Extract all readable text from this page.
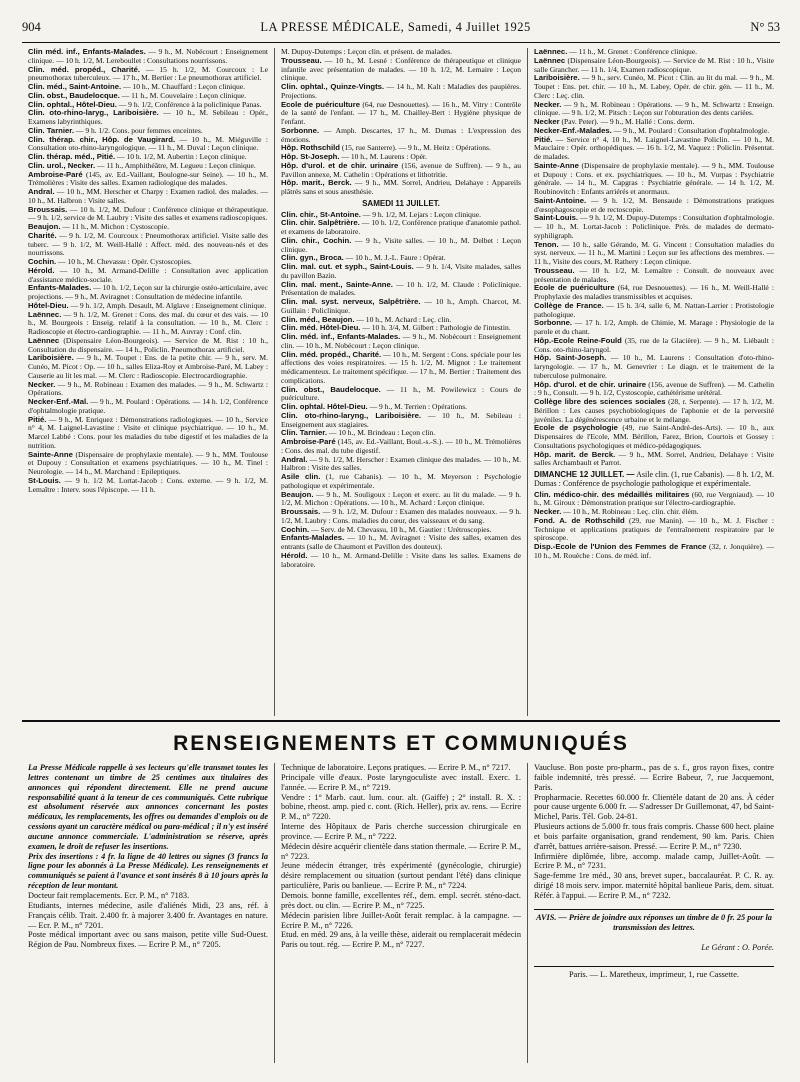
904	LA PRESSE MÉDICALE, Samedi, 4 Juillet 1925	N° 53

Clin méd. inf., Enfants-Malades. — 9 h., M. Nobécourt : Enseignement clinique. — 10 h. 1/2, M. Lereboullet : Consultations nourrissons.

Clin. méd. propéd., Charité. — 15 h. 1/2, M. Courcoux : Le pneumothorax tuberculeux. — 17 h., M. Bertier : Le pneumothorax artificiel.

Clin. méd., Saint-Antoine. — 10 h., M. Chauffard : Leçon clinique.

Clin. obst., Baudelocque. — 11 h., M. Couvelaire : Leçon clinique.

Clin. ophtal., Hôtel-Dieu. — 9 h. 1/2, Conférence à la policlinique Panas.

Clin. oto-rhino-laryg., Lariboisière. — 10 h., M. Sebileau : Opér., Examens labyrinthiques.

Clin. Tarnier. — 9 h. 1/2. Cons. pour femmes enceintes.

Clin. thérap. chir., Hôp. de Vaugirard. — 10 h., M. Miéguville : Consultation oto-rhino-laryngologique. — 11 h., M. Duval : Leçon clinique.

Clin. thérap. méd., Pitié. — 10 h. 1/2, M. Aubertin : Leçon clinique.

Clin. urol., Necker. — 11 h., Amphithéâtre, M. Legueu : Leçon clinique.

Ambroise-Paré (145, av. Ed.-Vaillant, Boulogne-sur Seine). — 10 h., M. Trémolières : Visite des salles. Examen radiologique des malades.

Andral. — 10 h., MM. Herscher et Charpy : Examen radiol. des malades. — 10 h., M. Halbron : Visite salles.

Broussais. — 10 h. 1/2, M. Dufour : Conférence clinique et thérapeutique. — 9 h. 1/2, service de M. Laubry : Visite des salles et examens radioscopiques.

Beaujon. — 11 h., M. Michon : Cystoscopie.

Charité. — 9 h. 1/2, M. Courcoux : Pneumothorax artificiel. Visite salle des tuberc. — 9 h. 1/2, M. Weill-Hallé : Affect. méd. des nouveau-nés et des nourrissons.

Cochin. — 10 h., M. Chevassu : Opér. Cystoscopies.

Hérold. — 10 h., M. Armand-Delille : Consultation avec application d'assistance médico-sociale.

Enfants-Malades. — 10 h. 1/2, Leçon sur la chirurgie ostéo-articulaire, avec projections. — 9 h., M. Aviragnet : Consultation de médecine infantile.

Hôtel-Dieu. — 9 h. 1/2, Amph. Desault, M. Alglave : Enseignement clinique.

Laënnec. — 9 h. 1/2, M. Grenet : Cons. des mal. du cœur et des vais. — 10 h., M. Bourgeois : Enseig. relatif à la consultation. — 10 h., M. Clerc : Radioscopie et électro-cardiographie. — 11 h., M. Auvray : Conf. clin.

Laënnec (Dispensaire Léon-Bourgeois). — Service de M. Rist : 10 h., Consultation du dispensaire. — 14 h., Policlin. Pneumothorax artificiel.

Lariboisière. — 9 h., M. Toupet : Ens. de la petite chir. — 9 h., serv. M. Cunéo, M. Picot : Op. — 10 h., salles Eliza-Roy et Ambroise-Paré, M. Labey : Causerie au lit les mal. — M. Clerc : Radioscopie. Electrocardiographie.

Necker. — 9 h., M. Robineau : Examen des malades. — 9 h., M. Schwartz : Opérations.

Necker-Enf.-Mal. — 9 h., M. Poulard : Opérations. — 14 h. 1/2, Conférence d'ophtalmologie pratique.

Pitié. — 9 h., M. Enriquez : Démonstrations radiologiques. — 10 h., Service n° 4, M. Laignel-Lavastine : Visite et clinique psychiatrique. — 10 h., M. Marcel Labbé : Cons. pour les maladies du tube digestif et les maladies de la nutrition.

Sainte-Anne (Dispensaire de prophylaxie mentale). — 9 h., MM. Toulouse et Dupouy : Consultation et examens psychiatriques. — 10 h., M. Tinel : Neurologie. — 14 h., M. Marchand : Epileptiques.

St-Louis. — 9 h. 1/2 M. Lortat-Jacob : Cons. externe. — 9 h. 1/2, M. Lemaître : Interv. sous l'épiscope. — 11 h.

M. Dupuy-Dutemps : Leçon clin. et présent. de malades.

Trousseau. — 10 h., M. Lesné : Conférence de thérapeutique et clinique infantile avec présentation de malades. — 10 h. 1/2, M. Lemaire : Leçon clinique.

Clin. ophtal., Quinze-Vingts. — 14 h., M. Kalt : Maladies des paupières. Projections.

Ecole de puériculture (64, rue Desnouettes). — 16 h., M. Vitry : Contrôle de la santé de l'enfant. — 17 h., M. Chailley-Bert : Hygiène physique de l'enfant.

Sorbonne. — Amph. Descartes, 17 h., M. Dumas : L'expression des émotions.

Hôp. Rothschild (15, rue Santerre). — 9 h., M. Heitz : Opérations.

Hôp. St-Joseph. — 10 h., M. Laurens : Opér.

Hôp. d'urol. et de chir. urinaire (156, avenue de Suffren). — 9 h., au Pavillon annexe, M. Cathelin : Opérations et lithotritie.

Hôp. marit., Berck. — 9 h., MM. Sorrel, Andrieu, Delahaye : Appareils plâtrés sans et sous anesthésie.

SAMEDI 11 JUILLET.

Clin. chir., St-Antoine. — 9 h. 1/2, M. Lejars : Leçon clinique.

Clin. chir. Salpêtrière. — 10 h. 1/2, Conférence pratique d'anatomie pathol. et examens de laboratoire.

Clin. chir., Cochin. — 9 h., Visite salles. — 10 h., M. Delbet : Leçon clinique.

Clin. gyn., Broca. — 10 h., M. J.-L. Faure : Opérat.

Clin. mal. cut. et syph., Saint-Louis. — 9 h. 1/4, Visite malades, salles du pavillon Bazin.

Clin. mal. ment., Sainte-Anne. — 10 h. 1/2, M. Claude : Policlinique. Présentation de malades.

Clin. mal. syst. nerveux, Salpêtrière. — 10 h., Amph. Charcot, M. Guillain : Policlinique.

Clin. méd., Beaujon. — 10 h., M. Achard : Leç. clin.

Clin. méd. Hôtel-Dieu. — 10 h. 3/4, M. Gilbert : Pathologie de l'intestin.

Clin. méd. inf., Enfants-Malades. — 9 h., M. Nobécourt : Enseignement clin. — 10 h., M. Nobécourt : Leçon clinique.

Clin. méd. propéd., Charité. — 10 h., M. Sergent : Cons. spéciale pour les affections des voies respiratoires. — 15 h. 1/2, M. Mignot : Le traitement médicamenteux. Le traitement spécifique. — 17 h., M. Bertier : Traitement des complications.

Clin. obst., Baudelocque. — 11 h., M. Powilewicz : Cours de puériculture.

Clin. ophtal. Hôtel-Dieu. — 9 h., M. Terrien : Opérations.

Clin. oto-rhino-laryng., Lariboisière. — 10 h., M. Sebileau : Enseignement aux stagiaires.

Clin. Tarnier. — 10 h., M. Brindeau : Leçon clin.

Ambroise-Paré (145, av. Ed.-Vaillant, Boul.-s.-S.). — 10 h., M. Trémolières : Cons. des mal. du tube digestif.

Andral. — 9 h. 1/2, M. Herscher : Examen clinique des malades. — 10 h., M. Halbron : Visite des salles.

Asile clin. (1, rue Cabanis). — 10 h., M. Meyerson : Psychologie pathologique et expérimentale.

Beaujon. — 9 h., M. Souligoux : Leçon et exerc. au lit du malade. — 9 h. 1/2, M. Michon : Opérations. — 10 h., M. Achard : Leçon clinique.

Broussais. — 9 h. 1/2, M. Dufour : Examen des malades nouveaux. — 9 h. 1/2, M. Laubry : Cons. maladies du cœur, des vaisseaux et du sang.

Cochin. — Serv. de M. Chevassu, 10 h., M. Gautier : Urétroscopies.

Enfants-Malades. — 10 h., M. Aviragnet : Visite des salles, examen des entrants (salle de Chaumont et Pavillon des douteux).

Hérold. — 10 h., M. Armand-Delille : Visite dans les salles. Examens de laboratoire.

Laënnec. — 11 h., M. Grenet : Conférence clinique.

Laënnec (Dispensaire Léon-Bourgeois). — Service de M. Rist : 10 h., Visite salle Grancher. — 11 h. 1/4, Examen radioscopique.

Lariboisière. — 9 h., serv. Cunéo, M. Picot : Clin. au lit du mal. — 9 h., M. Toupet : Ens. pet. chir. — 10 h., M. Labey, Opér. de chir. gén. — 11 h., M. Clerc : Leç. clin.

Necker. — 9 h., M. Robineau : Opérations. — 9 h., M. Schwartz : Enseign. clinique. — 9 h. 1/2, M. Pitsch : Leçon sur l'obturation des dents cariées.

Necker (Pav. Peter). — 9 h., M. Hallé : Cons. derm.

Necker-Enf.-Malades. — 9 h., M. Poulard : Consultation d'ophtalmologie.

Pitié. — Service n° 4, 10 h., M. Laignel-Lavastine Policlin. — 10 h., M. Mauclaire : Opér. orthopédiques. — 16 h. 1/2, M. Vaquez : Policlin. Présentat. de malades.

Sainte-Anne (Dispensaire de prophylaxie mentale). — 9 h., MM. Toulouse et Dupouy : Cons. et ex. psychiatriques. — 10 h., M. Vurpas : Psychiatrie générale. — 14 h., M. Capgras : Psychiatrie générale. — 14 h. 1/2, M. Roubinovitch : Enfants arriérés et anormaux.

Saint-Antoine. — 9 h. 1/2, M. Bensaude : Démonstrations pratiques d'œsophagoscopie et de rectoscopie.

Saint-Louis. — 9 h. 1/2, M. Dupuy-Dutemps : Consultation d'ophtalmologie. — 10 h., M. Lortat-Jacob : Policlinique. Prés. de malades de dermato-syphiligraph.

Tenon. — 10 h., salle Gérando, M. G. Vincent : Consultation maladies du syst. nerveux. — 11 h., M. Martini : Leçon sur les affections des membres. — 11 h., Visite des cours, M. Rathery : Leçon clinique.

Trousseau. — 10 h. 1/2, M. Lemaître : Consult. de nouveaux avec présentation de malades.

Ecole de puériculture (64, rue Desnouettes). — 16 h., M. Weill-Hallé : Prophylaxie des maladies transmissibles et acquises.

Collège de France. — 15 h. 3/4, salle 6, M. Nattan-Larrier : Protistologie pathologique.

Sorbonne. — 17 h. 1/2, Amph. de Chimie, M. Marage : Physiologie de la parole et du chant.

Hôp.-Ecole Reine-Fould (35, rue de la Glacière). — 9 h., M. Liébault : Cons. oto-rhino-laryngol.

Hôp. Saint-Joseph. — 10 h., M. Laurens : Consultation d'oto-rhino-laryngologie. — 17 h., M. Genevrier : Le diagn. et le traitement de la tuberculose pulmonaire.

Hôp. d'urol. et de chir. urinaire (156, avenue de Suffren). — M. Cathelin : 9 h., Consult. — 9 h. 1/2, Cystoscopie, cathétérisme urétéral.

Collège libre des sciences sociales (28, r. Serpente). — 17 h. 1/2, M. Bérillon : Les causes psychobiologiques de l'aphonie et de la perversité juvéniles. La dégénérescence urbaine et le mélange.

Ecole de psychologie (49, rue Saint-André-des-Arts). — 10 h., aux Dispensaires de l'Ecole, MM. Bérillon, Farez, Brion, Courtois et Gossey : Consultations psychologiques et médico-pédagogiques.

Hôp. marit. de Berck. — 9 h., MM. Sorrel, Andrieu, Delahaye : Visite salles Archambault et Parrot.

DIMANCHE 12 JUILLET. — Asile clin. (1, rue Cabanis). — 8 h. 1/2, M. Dumas : Conférence de psychologie pathologique et expérimentale.

Clin. médico-chir. des médaillés militaires (60, rue Vergniaud). — 10 h., M. Giroux : Démonstration pratique sur l'électro-cardiographie.

Necker. — 10 h., M. Robineau : Leç. clin. chir. élém.

Fond. A. de Rothschild (29, rue Manin). — 10 h., M. J. Fischer : Technique et applications pratiques de l'entraînement respiratoire par le spiroscope.

Disp.-Ecole de l'Union des Femmes de France (32, r. Jonquière). — 10 h., M. Rouèche : Cons. de méd. inf.

RENSEIGNEMENTS ET COMMUNIQUÉS

La Presse Médicale rappelle à ses lecteurs qu'elle transmet toutes les lettres contenant un timbre de 25 centimes aux titulaires des annonces qui répondent directement. Elle ne prend aucune responsabilité quant à la teneur de ces communiqués. Cette rubrique est absolument réservée aux annonces concernant les postes médicaux, les remplacements, les offres ou demandes d'emplois ou de cessions ayant un caractère médical ou para-médical ; il n'y est inséré aucune annonce commerciale. L'administration se réserve, après examen, le droit de refuser les insertions.

Prix des insertions : 4 fr. la ligne de 40 lettres ou signes (3 francs la ligne pour les abonnés à La Presse Médicale). Les renseignements et communiqués se paient à l'avance et sont insérés 8 à 10 jours après la réception de leur montant.

Docteur fait remplacements. Ecr. P. M., n° 7183.

Etudiants, internes médecine, asile d'aliénés Midi, 23 ans, réf. à Français célib. Trait. 2.400 fr. à majorer 3.400 fr. Avantages en nature. — Ecr. P. M., n° 7201.

Poste médical important avec ou sans maison, petite ville Sud-Ouest. Région de Pau. Nombreux fixes. — Ecrire P. M., n° 7205.

Technique de laboratoire. Leçons pratiques. — Ecrire P. M., n° 7217.

Principale ville d'eaux. Poste laryngoculiste avec install. Exerc. 1. l'année. — Ecrire P. M., n° 7219.

Vendre : 1° Marb. caut. lum. cour. alt. (Gaiffe) ; 2° install. R. X. : bobine, rheost. amp. pied c. cont. (Rich. Heller), prix av. rens. — Ecrire P. M., n° 7220.

Interne des Hôpitaux de Paris cherche succession chirurgicale en province. — Ecrire P. M., n° 7222.

Médecin désire acquérir clientèle dans station thermale. — Ecrire P. M., n° 7223.

Jeune médecin étranger, très expérimenté (gynécologie, chirurgie) désire remplacement ou situation (surtout pendant l'été) dans clinique particulière, Paris ou banlieue. — Ecrire P. M., n° 7224.

Demois. bonne famille, excellentes réf., dem. empl. secrét. sténo-dact. près doct. ou clin. — Ecrire P. M., n° 7225.

Médecin parisien libre Juillet-Août ferait remplac. à la campagne. — Ecrire P. M., n° 7226.

Etud. en méd. 29 ans, à la veille thèse, aiderait ou remplacerait médecin Paris ou tout. rég. — Ecrire P. M., n° 7227.

Vaucluse. Bon poste pro-pharm., pas de s. f., gros rayon fixes, contre faible indemnité, très pressé. — Ecrire Babeur, 7, rue Jacquemont, Paris.

Propharmacie. Recettes 60.000 fr. Clientèle datant de 20 ans. À céder pour cause urgente 6.000 fr. — S'adresser Dr Guillemonat, 47, bd Saint-Michel, Paris. Tél. Gob. 24-81.

Plusieurs actions de 5.000 fr. tous frais compris. Chasse 600 hect. plaine et bois parfaite organisation, grand rendement, 90 km. Paris. Chien d'arrêt, battues arrière-saison. Pressé. — Ecrire P. M., n° 7230.

Infirmière diplômée, libre, accomp. malade camp, Juillet-Août. — Ecrire P. M., n° 7231.

Sage-femme 1re méd., 30 ans, brevet super., baccalauréat. P. C. R. ay. dirigé 18 mois serv. impor. maternité hôpital banlieue Paris, dem. situat. Référ. à l'appui. — Ecrire P. M., n° 7232.

AVIS. — Prière de joindre aux réponses un timbre de 0 fr. 25 pour la transmission des lettres.
Le Gérant : O. Porée.
Paris. — L. Maretheux, imprimeur, 1, rue Cassette.
